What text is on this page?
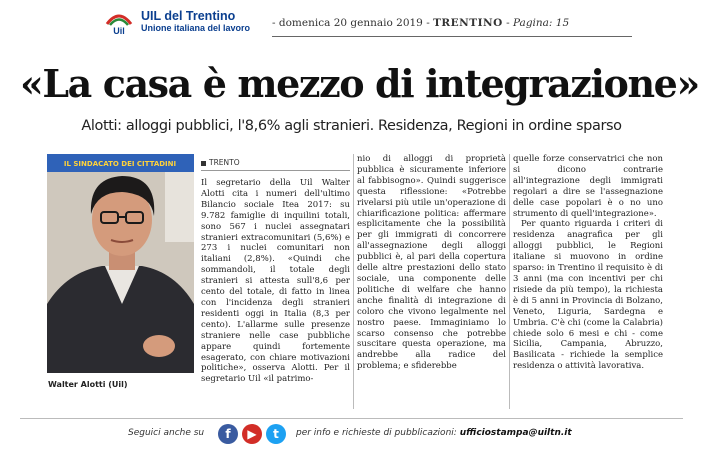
Uil
UIL del Trentino
Unione italiana del lavoro - domenica 20 gennaio 2019 - TRENTINO - Pagina: 15
«La casa è mezzo di integrazione»
Alotti: alloggi pubblici, l'8,6% agli stranieri. Residenza, Regioni in ordine sparso
IL SINDACATO DEI CITTADINI
Walter Alotti (Uil)
TRENTO

Il segretario della Uil Walter Alotti cita i numeri dell'ultimo Bilancio sociale Itea 2017: su 9.782 famiglie di inquilini totali, sono 567 i nuclei assegnatari stranieri extracomunitari (5,6%) e 273 i nuclei comunitari non italiani (2,8%). «Quindi che sommandoli, il totale degli stranieri si attesta sull'8,6 per cento del totale, di fatto in linea con l'incidenza degli stranieri residenti oggi in Italia (8,3 per cento). L'allarme sulle presenze straniere nelle case pubbliche appare quindi fortemente esagerato, con chiare motivazioni politiche», osserva Alotti. Per il segretario Uil «il patrimo-

nio di alloggi di proprietà pubblica è sicuramente inferiore al fabbisogno». Quindi suggerisce questa riflessione: «Potrebbe rivelarsi più utile un'operazione di chiarificazione politica: affermare esplicitamente che la possibilità per gli immigrati di concorrere all'assegnazione degli alloggi pubblici è, al pari della copertura delle altre prestazioni dello stato sociale, una componente delle politiche di welfare che hanno anche finalità di integrazione di coloro che vivono legalmente nel nostro paese. Immaginiamo lo scarso consenso che potrebbe suscitare questa operazione, ma andrebbe alla radice del problema; e sfiderebbe

quelle forze conservatrici che non si dicono contrarie all'integrazione degli immigrati regolari a dire se l'assegnazione delle case popolari è o no uno strumento di quell'integrazione».

Per quanto riguarda i criteri di residenza anagrafica per gli alloggi pubblici, le Regioni italiane si muovono in ordine sparso: in Trentino il requisito è di 3 anni (ma con incentivi per chi risiede da più tempo), la richiesta è di 5 anni in Provincia di Bolzano, Veneto, Liguria, Sardegna e Umbria. C'è chi (come la Calabria) chiede solo 6 mesi e chi - come Sicilia, Campania, Abruzzo, Basilicata - richiede la semplice residenza o attività lavorativa.

Seguici anche su	f	▶	t	per info e richieste di pubblicazioni: ufficiostampa@uiltn.it
